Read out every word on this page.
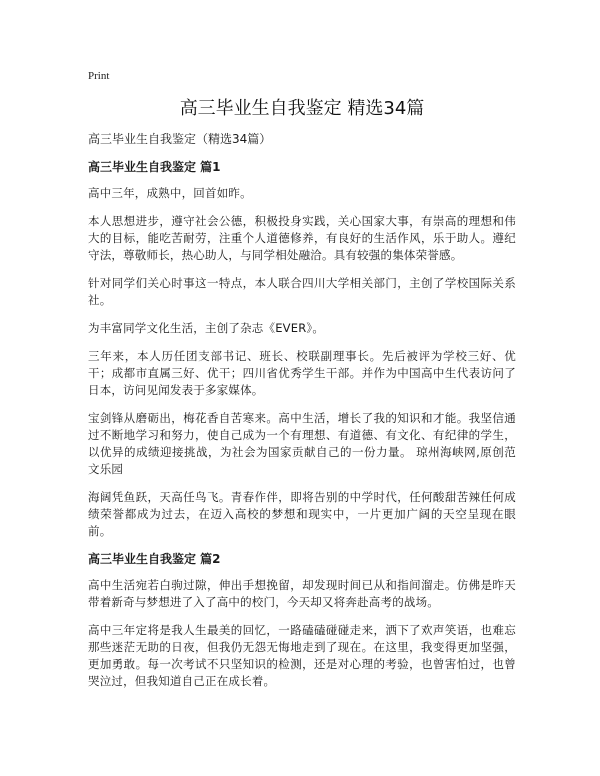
Print
高三毕业生自我鉴定 精选34篇

高三毕业生自我鉴定（精选34篇）

高三毕业生自我鉴定 篇1

高中三年，成熟中，回首如昨。

本人思想进步，遵守社会公德，积极投身实践，关心国家大事，有崇高的理想和伟大的目标，能吃苦耐劳，注重个人道德修养，有良好的生活作风，乐于助人。遵纪守法，尊敬师长，热心助人，与同学相处融洽。具有较强的集体荣誉感。

针对同学们关心时事这一特点，本人联合四川大学相关部门，主创了学校国际关系社。

为丰富同学文化生活，主创了杂志《EVER》。

三年来，本人历任团支部书记、班长、校联副理事长。先后被评为学校三好、优干；成都市直属三好、优干；四川省优秀学生干部。并作为中国高中生代表访问了日本，访问见闻发表于多家媒体。

宝剑锋从磨砺出，梅花香自苦寒来。高中生活，增长了我的知识和才能。我坚信通过不断地学习和努力，使自己成为一个有理想、有道德、有文化、有纪律的学生，以优异的成绩迎接挑战，为社会为国家贡献自己的一份力量。 琼州海峡网,原创范文乐园

海阔凭鱼跃，天高任鸟飞。青春作伴，即将告别的中学时代，任何酸甜苦辣任何成绩荣誉都成为过去，在迈入高校的梦想和现实中，一片更加广阔的天空呈现在眼前。

高三毕业生自我鉴定 篇2

高中生活宛若白驹过隙，伸出手想挽留，却发现时间已从和指间溜走。仿佛是昨天带着新奇与梦想进了入了高中的校门，今天却又将奔赴高考的战场。

高中三年定将是我人生最美的回忆，一路磕磕碰碰走来，洒下了欢声笑语，也难忘那些迷茫无助的日夜，但我仍无怨无悔地走到了现在。在这里，我变得更加坚强，更加勇敢。每一次考试不只坚知识的检测，还是对心理的考验，也曾害怕过，也曾哭泣过，但我知道自己正在成长着。
